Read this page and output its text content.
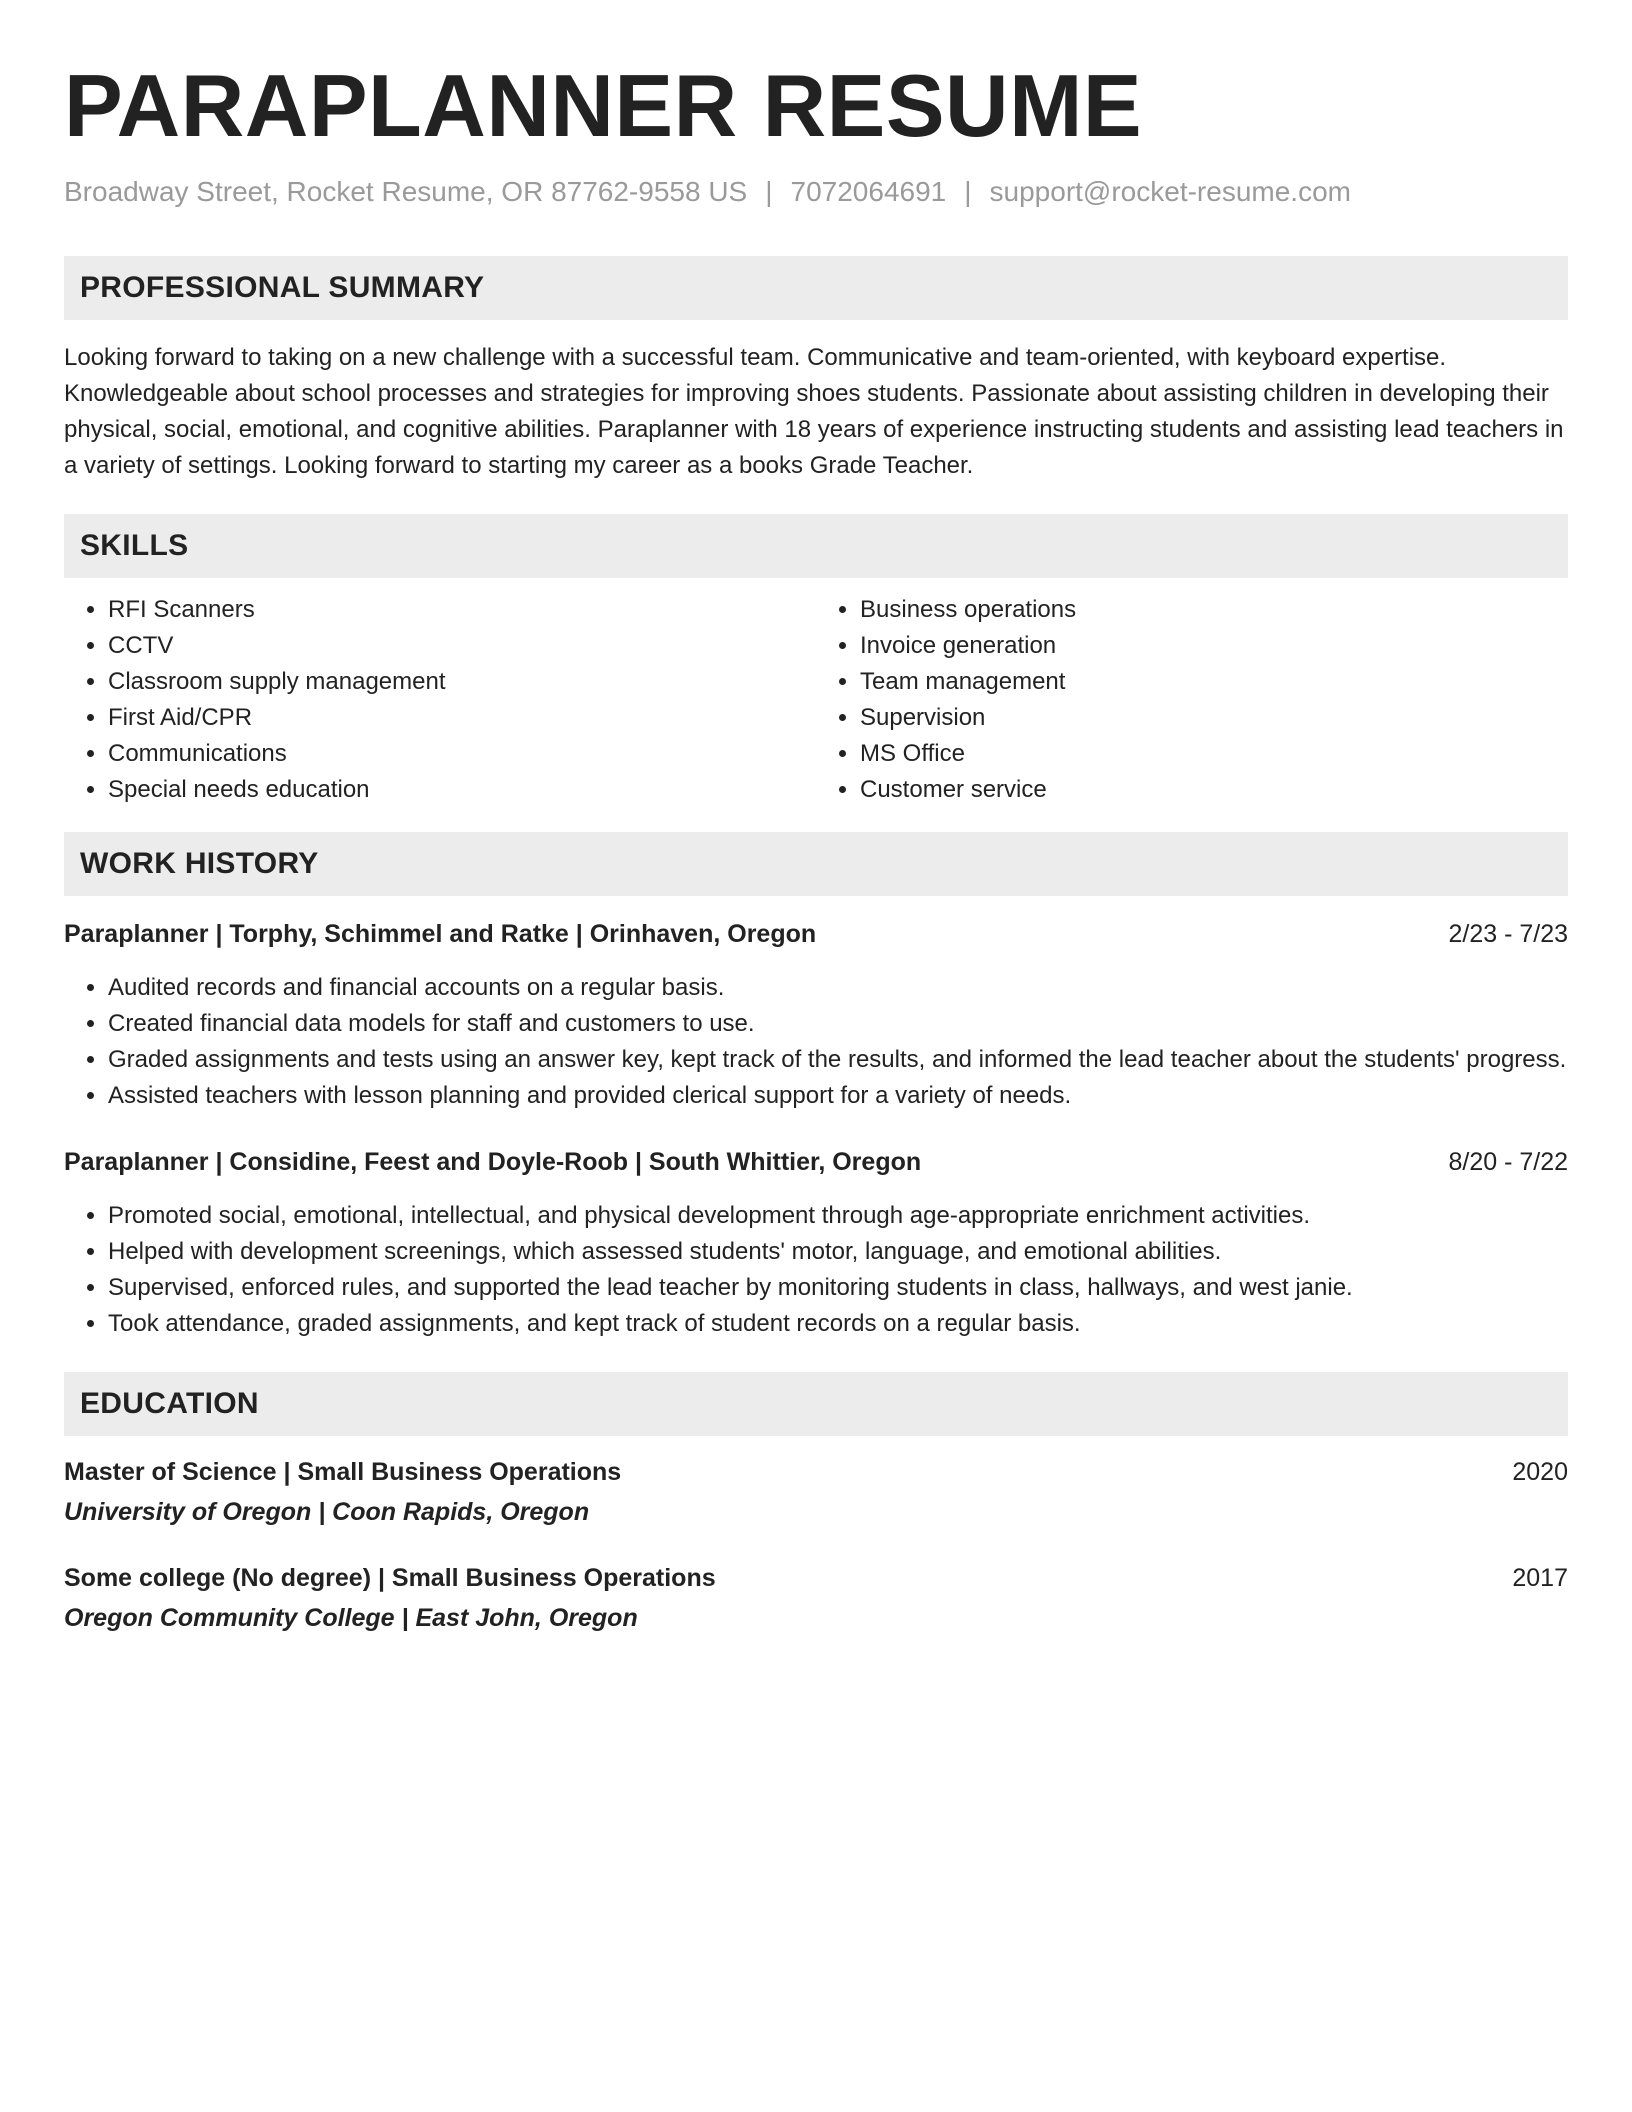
PARAPLANNER RESUME
Broadway Street, Rocket Resume, OR 87762-9558 US | 7072064691 | support@rocket-resume.com
PROFESSIONAL SUMMARY

Looking forward to taking on a new challenge with a successful team. Communicative and team-oriented, with keyboard expertise. Knowledgeable about school processes and strategies for improving shoes students. Passionate about assisting children in developing their physical, social, emotional, and cognitive abilities. Paraplanner with 18 years of experience instructing students and assisting lead teachers in a variety of settings. Looking forward to starting my career as a books Grade Teacher.

SKILLS
• RFI Scanners
• CCTV
• Classroom supply management
• First Aid/CPR
• Communications
• Special needs education
• Business operations
• Invoice generation
• Team management
• Supervision
• MS Office
• Customer service
WORK HISTORY
Paraplanner | Torphy, Schimmel and Ratke | Orinhaven, Oregon	2/23 - 7/23
• Audited records and financial accounts on a regular basis.
• Created financial data models for staff and customers to use.
• Graded assignments and tests using an answer key, kept track of the results, and informed the lead teacher about the students' progress.
• Assisted teachers with lesson planning and provided clerical support for a variety of needs.
Paraplanner | Considine, Feest and Doyle-Roob | South Whittier, Oregon	8/20 - 7/22
• Promoted social, emotional, intellectual, and physical development through age-appropriate enrichment activities.
• Helped with development screenings, which assessed students' motor, language, and emotional abilities.
• Supervised, enforced rules, and supported the lead teacher by monitoring students in class, hallways, and west janie.
• Took attendance, graded assignments, and kept track of student records on a regular basis.
EDUCATION
Master of Science | Small Business Operations	2020
University of Oregon | Coon Rapids, Oregon
Some college (No degree) | Small Business Operations	2017
Oregon Community College | East John, Oregon
